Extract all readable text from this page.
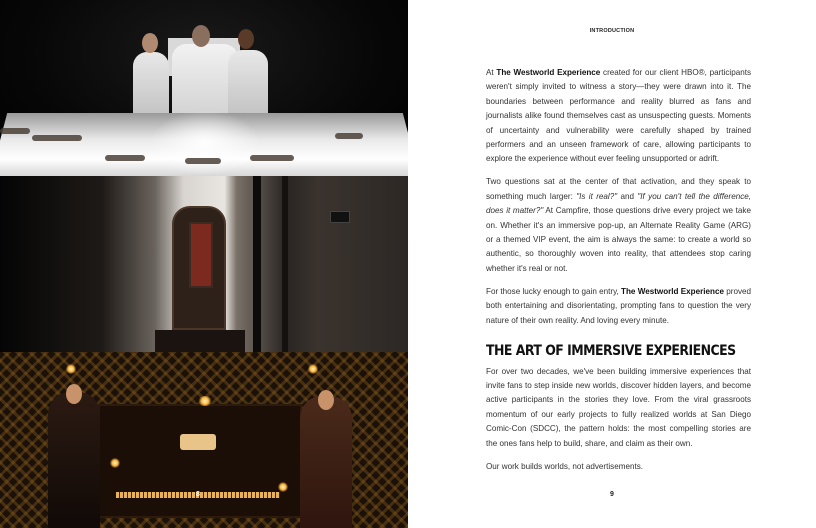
8
INTRODUCTION

At The Westworld Experience created for our client HBO®, participants weren't simply invited to witness a story—they were drawn into it. The boundaries between performance and reality blurred as fans and journalists alike found themselves cast as unsuspecting guests. Moments of uncertainty and vulnerability were carefully shaped by trained performers and an unseen framework of care, allowing participants to explore the experience without ever feeling unsupported or adrift.

Two questions sat at the center of that activation, and they speak to something much larger: "Is it real?" and "If you can't tell the difference, does it matter?" At Campfire, those questions drive every project we take on. Whether it's an immersive pop-up, an Alternate Reality Game (ARG) or a themed VIP event, the aim is always the same: to create a world so authentic, so thoroughly woven into reality, that attendees stop caring whether it's real or not.

For those lucky enough to gain entry, The Westworld Experience proved both entertaining and disorientating, prompting fans to question the very nature of their own reality. And loving every minute.

THE ART OF IMMERSIVE EXPERIENCES

For over two decades, we've been building immersive experiences that invite fans to step inside new worlds, discover hidden layers, and become active participants in the stories they love. From the viral grassroots momentum of our early projects to fully realized worlds at San Diego Comic-Con (SDCC), the pattern holds: the most compelling stories are the ones fans help to build, share, and claim as their own.

Our work builds worlds, not advertisements.

9
